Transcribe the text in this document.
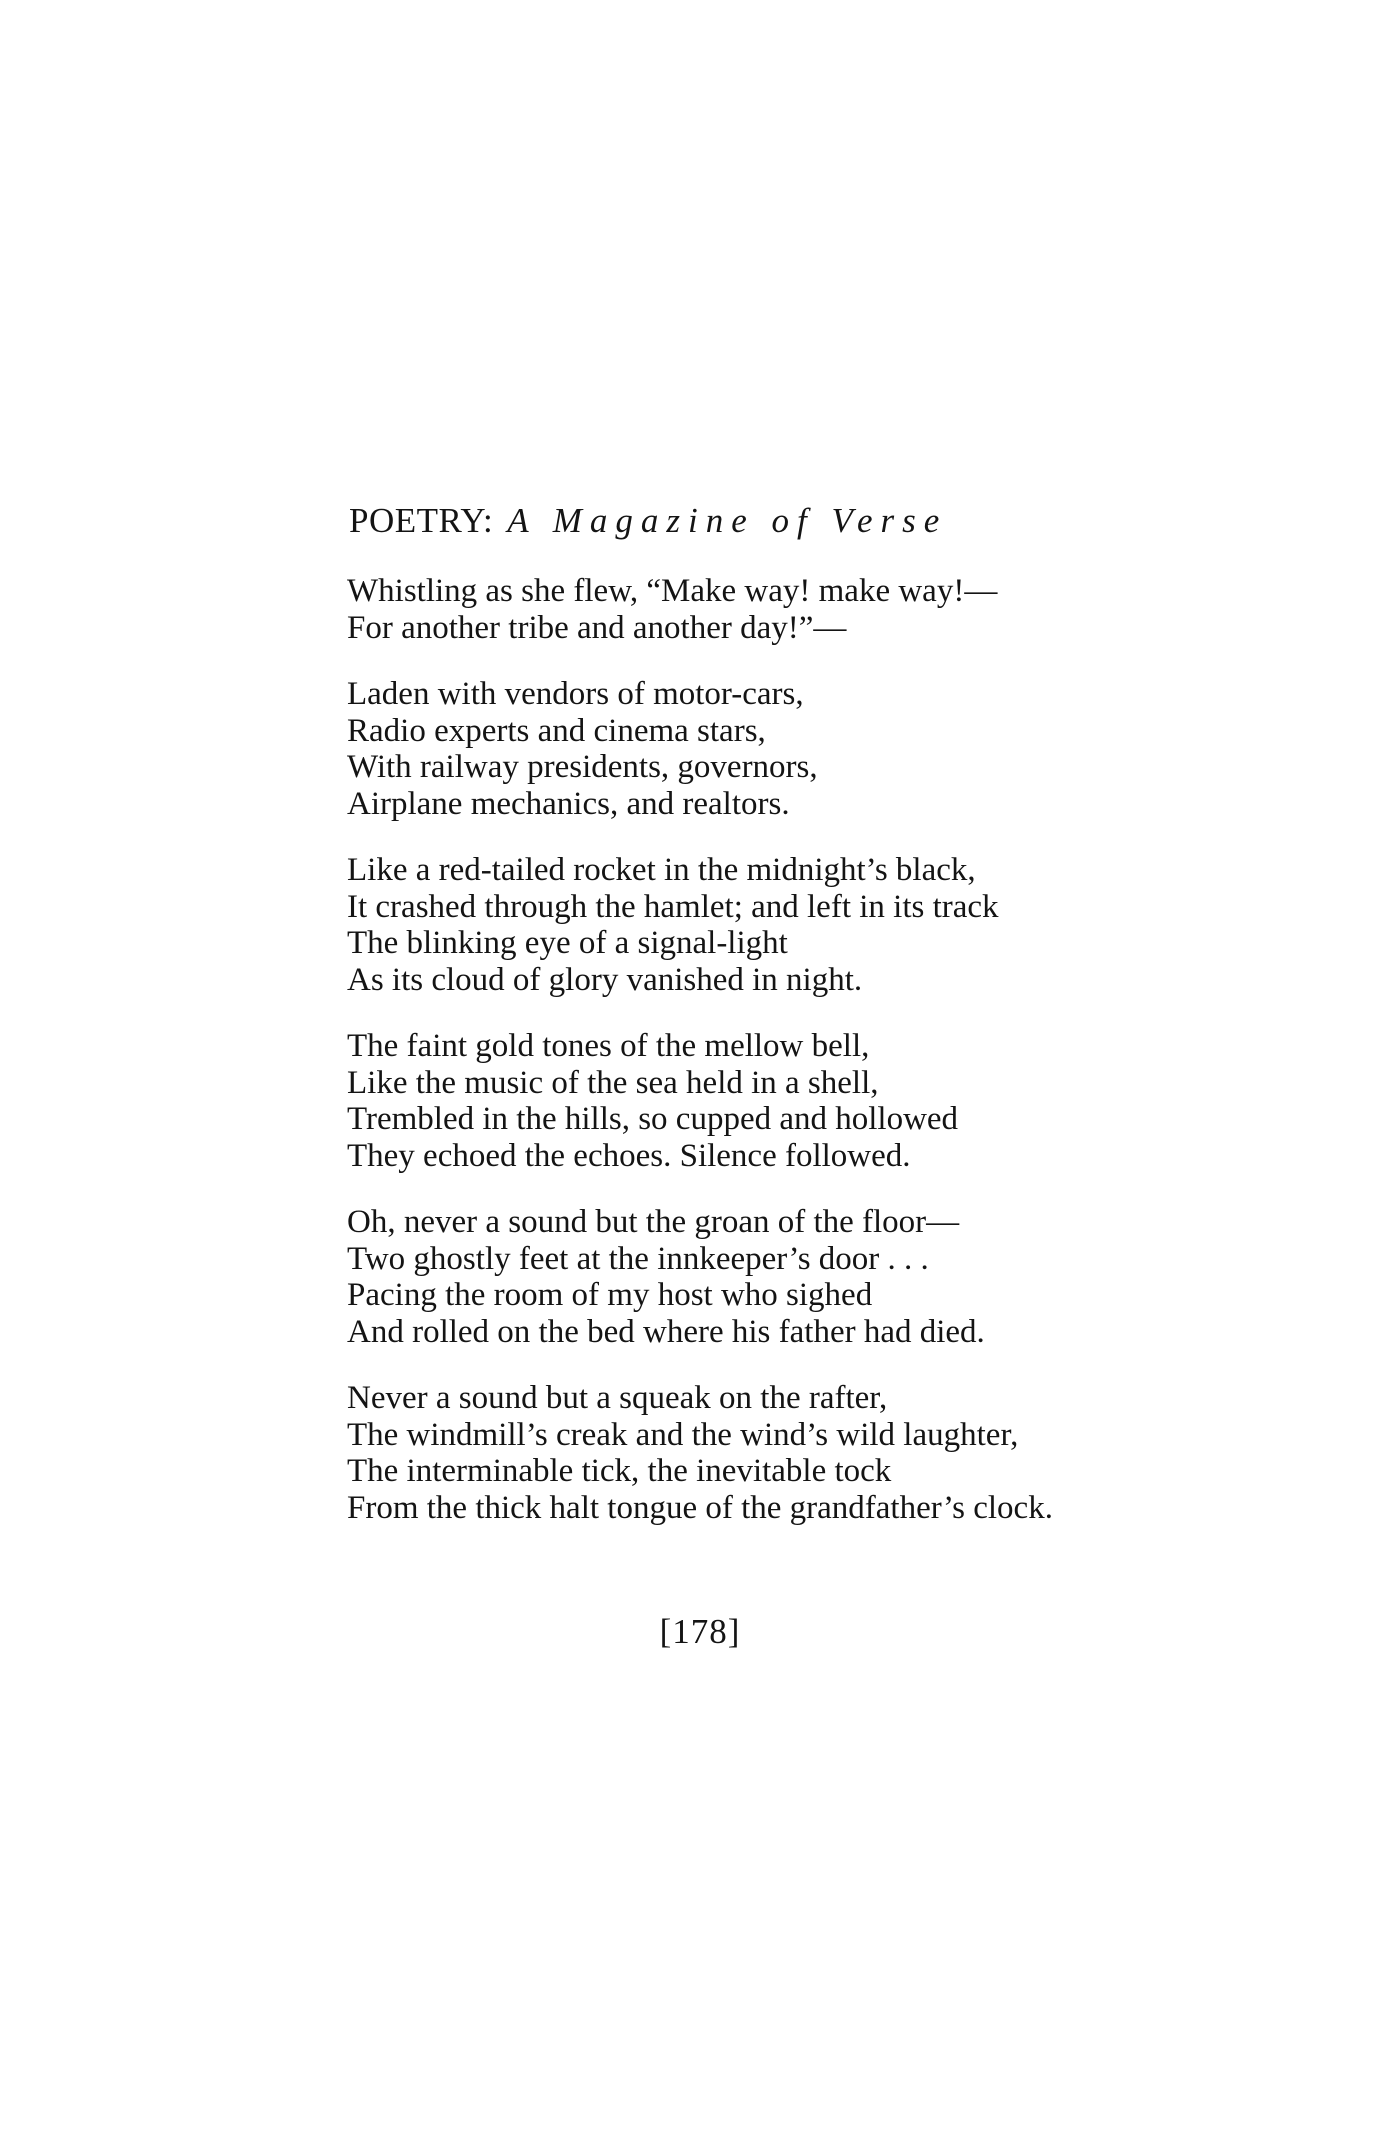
POETRY: A Magazine of Verse
Whistling as she flew, “Make way! make way!—
For another tribe and another day!”—
Laden with vendors of motor-cars,
Radio experts and cinema stars,
With railway presidents, governors,
Airplane mechanics, and realtors.
Like a red-tailed rocket in the midnight’s black,
It crashed through the hamlet; and left in its track
The blinking eye of a signal-light
As its cloud of glory vanished in night.
The faint gold tones of the mellow bell,
Like the music of the sea held in a shell,
Trembled in the hills, so cupped and hollowed
They echoed the echoes. Silence followed.
Oh, never a sound but the groan of the floor—
Two ghostly feet at the innkeeper’s door . . .
Pacing the room of my host who sighed
And rolled on the bed where his father had died.
Never a sound but a squeak on the rafter,
The windmill’s creak and the wind’s wild laughter,
The interminable tick, the inevitable tock
From the thick halt tongue of the grandfather’s clock.
[178]
